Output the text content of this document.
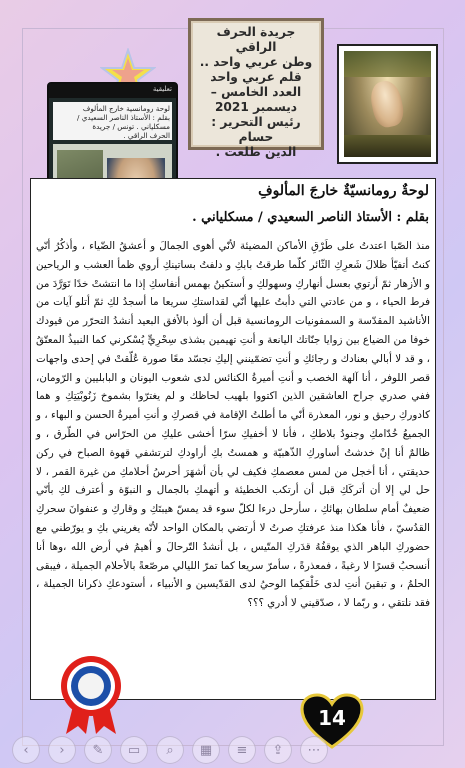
جريدة الحرف الراقي
وطن عربي واحد ..
قلم عربي واحد
العدد الخامس –
ديسمبر 2021
رئيس التحرير : حسام
الدين طلعت .
تعليقية
لوحة رومانسية خارج المألوف
بقلم : الأستاذ الناصر السعيدي /
مسكلياني . تونس / جريدة
الحرف الراقي .
لوحةٌ رومانسيّةٌ خارجَ المألوفِ
بقلم : الأستاذ الناصر السعيدي / مسكلياني .
منذ الصّبا اعتدتُ على طَرْقِ الأماكن المضيئة لأنّي أهوى الجمالَ و أعشقُ الضّياء ، وأذكُرُ أنّي كنتُ أتفيّأ ظلالَ شَعرِكِ الثّائر كلّما طرقتُ بابكِ و دلفتُ بساتينكِ أروي ظمأ العشب و الرياحين و الأزهار ثمّ أرتوي بعسل أنهاركِ وسهولكِ و أستكينُ بهمس أنفاسكِ إذا ما انتشتْ خدًا تَوَرَّدَ من فرط الحياء ، و من عادتي التي دأبتُ عليها أنّي لقداستكِ سريعا ما أسجدُ لكِ ثمّ أتلو آيات من الأناشيد المقدّسة و السمفونيات الرومانسية قبل أن ألوذ بالأفق البعيد أنشدُ التحرّر من قيودك خوفا من الضياع بين زوايا جنّاتك اليانعة و أنتِ تهيمين بشذى سِحْرِيٍّ يُسْكرني كما النبيذُ المعتّقُ ، و قد لا أبالي بعنادك و رجائكِ و أنتِ تضمّينني إليكِ نجسّد معًا صورة عُلّقتْ في إحدى واجهات قصر اللوفر ، أنا آلهة الخصب و أنتِ أميرةُ الكنائس لدى شعوب اليونان و البابليين و الرّومان، ففي صدري جراح العاشقين الذين اكتووا بلهيب لحاظك و لم يغترّوا بشموخ زَنُوبْيَتِكِ و هما كادوركِ رحيق و نور، المعذرة أنّي ما أطلتُ الإقامة في قصركِ و أنتِ أميرةُ الحسن و البهاء ، و الجميعُ خُدّامكِ وجنودُ بلاطكِ ، فأنا لا أخفيكِ سرّا أخشى عليكِ من الحرّاس في الطّرق ، و ظالمٌ أنا إنْ خدشتُ أساوركِ الذّهبيّة و همستُ بكِ أراودكِ لترتشفي قهوة الصباح في ركن حديقتي ، أنا أخجل من لمس معصمكِ فكيف لي بأن أشهَرَ أحرسُ أحلامكِ من غيرة القمر ، لا حل لي إلا أن أتركَكِ قبل أن أرتكب الخطيئة و أتهمكِ بالجمال و النبوّة و أعترف لكِ بأنّي ضعيفٌ أمام سلطان بهائكِ ، سأرحل درءا لكلّ سوء قد يمسّ هيبتَكِ و وقاركِ و عنفوانَ سحركِ القدُسيّ ، فأنا هكذا منذ عرفتكِ صرتُ لا أرتضي بالمكان الواحد لأنّه يغريني بكِ و يورّطني مع حضوركِ الباهر الذي يوقفُهُ قدَركِ المتّيس ، بل أنشدُ التّرحالَ و أهيمُ في أرض الله ،وها أنا أنسحبُ قسرًا لا رغبةً ، فمعذرةً ، سأمرّ سريعا كما تمرّ الليالي مرصّعةً بالأحلام الجميلة ، فيبقى الحلمُ ، و تبقينَ أنتِ لدى خَلْقكِما الوحيُ لدى القدّيسين و الأنبياء ، أستودعكِ ذكرانا الجميلة ، فقد نلتقي ، و ربّما لا ، صدّقيني لا أدري ؟؟؟
14
‹	›	✎	▭	⌕	▦	≡	⇪	⋯
